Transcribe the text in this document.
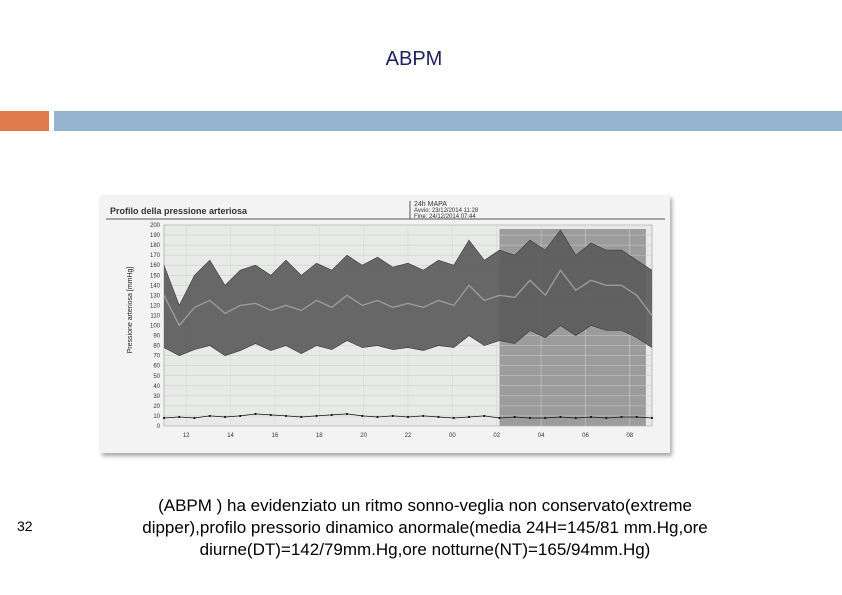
ABPM
Profilo della pressione arteriosa
24h MAPA
Avvio: 23/12/2014 11:28
Fine: 24/12/2014 07:44
Pressione arteriosa [mmHg]
0
10
20
30
40
50
60
70
80
90
100
110
120
130
140
150
160
170
180
190
200
12	14	16	18	20	22	00	02	04	06	08
32
(ABPM ) ha evidenziato un ritmo sonno-veglia non conservato(extreme
dipper),profilo pressorio dinamico anormale(media 24H=145/81 mm.Hg,ore
diurne(DT)=142/79mm.Hg,ore notturne(NT)=165/94mm.Hg)
